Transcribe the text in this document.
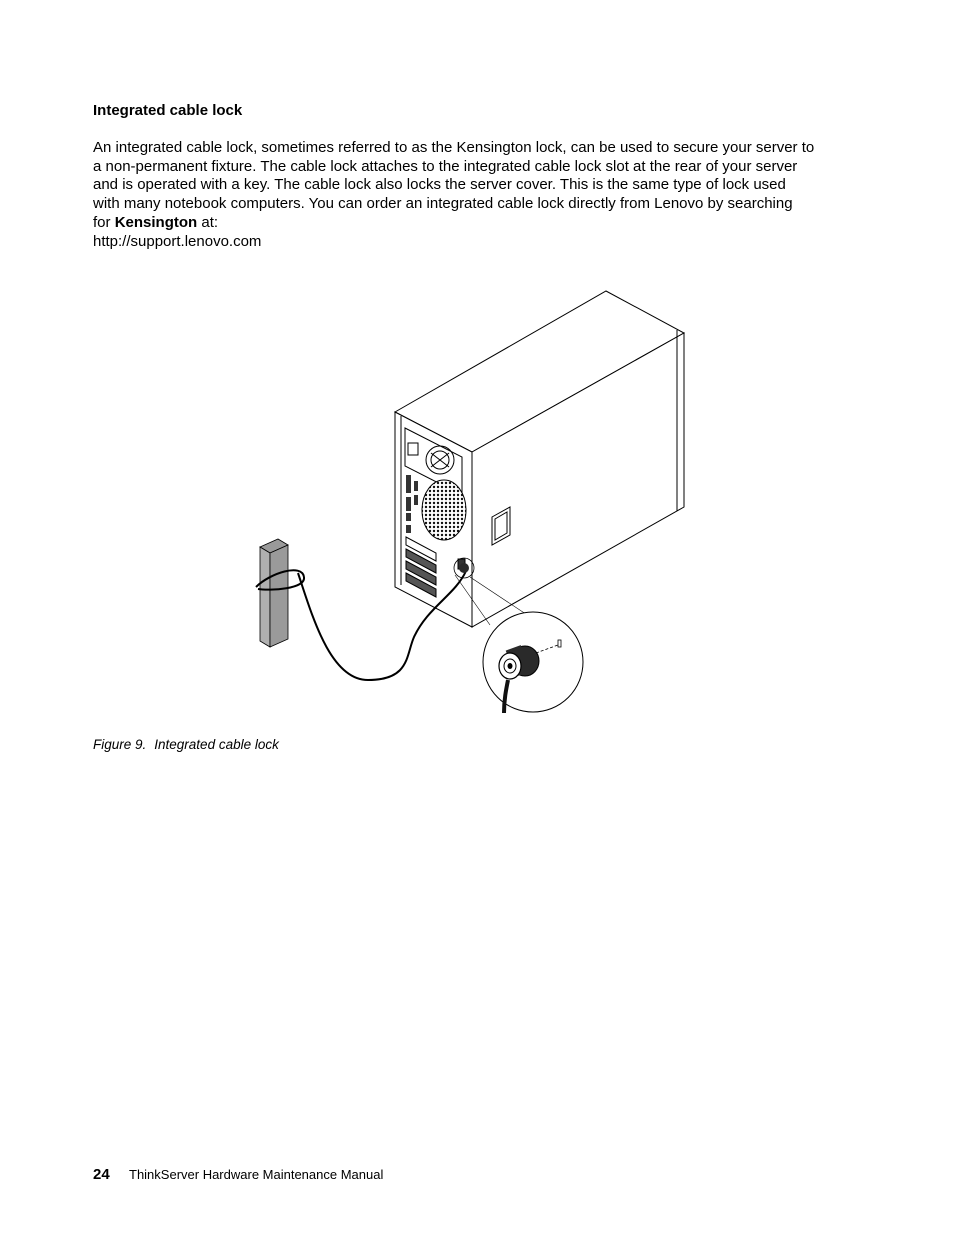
Integrated cable lock

An integrated cable lock, sometimes referred to as the Kensington lock, can be used to secure your server to
a non-permanent fixture. The cable lock attaches to the integrated cable lock slot at the rear of your server
and is operated with a key. The cable lock also locks the server cover. This is the same type of lock used
with many notebook computers. You can order an integrated cable lock directly from Lenovo by searching
for Kensington at:

http://support.lenovo.com

Figure 9. Integrated cable lock

24 ThinkServer Hardware Maintenance Manual
